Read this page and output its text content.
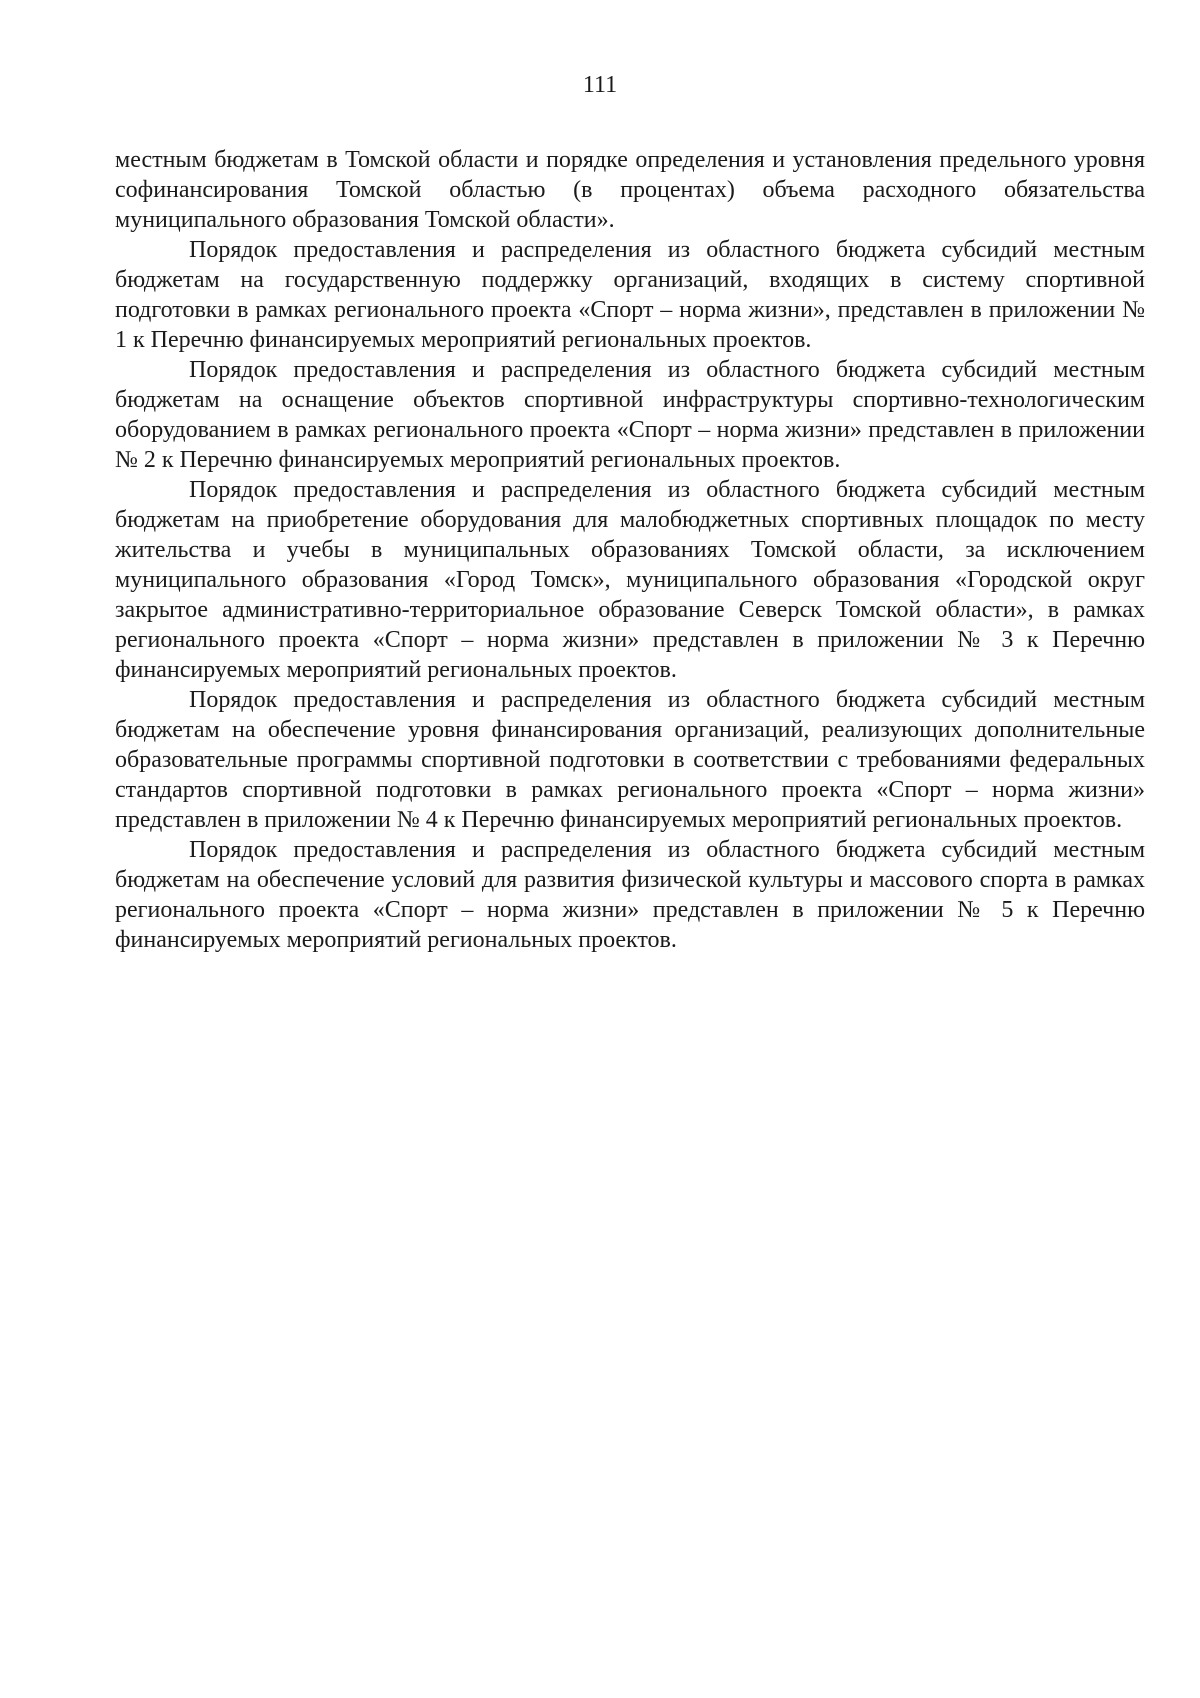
111

местным бюджетам в Томской области и порядке определения и установления предельного уровня софинансирования Томской областью (в процентах) объема расходного обязательства муниципального образования Томской области».

Порядок предоставления и распределения из областного бюджета субсидий местным бюджетам на государственную поддержку организаций, входящих в систему спортивной подготовки в рамках регионального проекта «Спорт – норма жизни», представлен в приложении № 1 к Перечню финансируемых мероприятий региональных проектов.

Порядок предоставления и распределения из областного бюджета субсидий местным бюджетам на оснащение объектов спортивной инфраструктуры спортивно-технологическим оборудованием в рамках регионального проекта «Спорт – норма жизни» представлен в приложении № 2 к Перечню финансируемых мероприятий региональных проектов.

Порядок предоставления и распределения из областного бюджета субсидий местным бюджетам на приобретение оборудования для малобюджетных спортивных площадок по месту жительства и учебы в муниципальных образованиях Томской области, за исключением муниципального образования «Город Томск», муниципального образования «Городской округ закрытое административно-территориальное образование Северск Томской области», в рамках регионального проекта «Спорт – норма жизни» представлен в приложении № 3 к Перечню финансируемых мероприятий региональных проектов.

Порядок предоставления и распределения из областного бюджета субсидий местным бюджетам на обеспечение уровня финансирования организаций, реализующих дополнительные образовательные программы спортивной подготовки в соответствии с требованиями федеральных стандартов спортивной подготовки в рамках регионального проекта «Спорт – норма жизни» представлен в приложении № 4 к Перечню финансируемых мероприятий региональных проектов.

Порядок предоставления и распределения из областного бюджета субсидий местным бюджетам на обеспечение условий для развития физической культуры и массового спорта в рамках регионального проекта «Спорт – норма жизни» представлен в приложении № 5 к Перечню финансируемых мероприятий региональных проектов.
